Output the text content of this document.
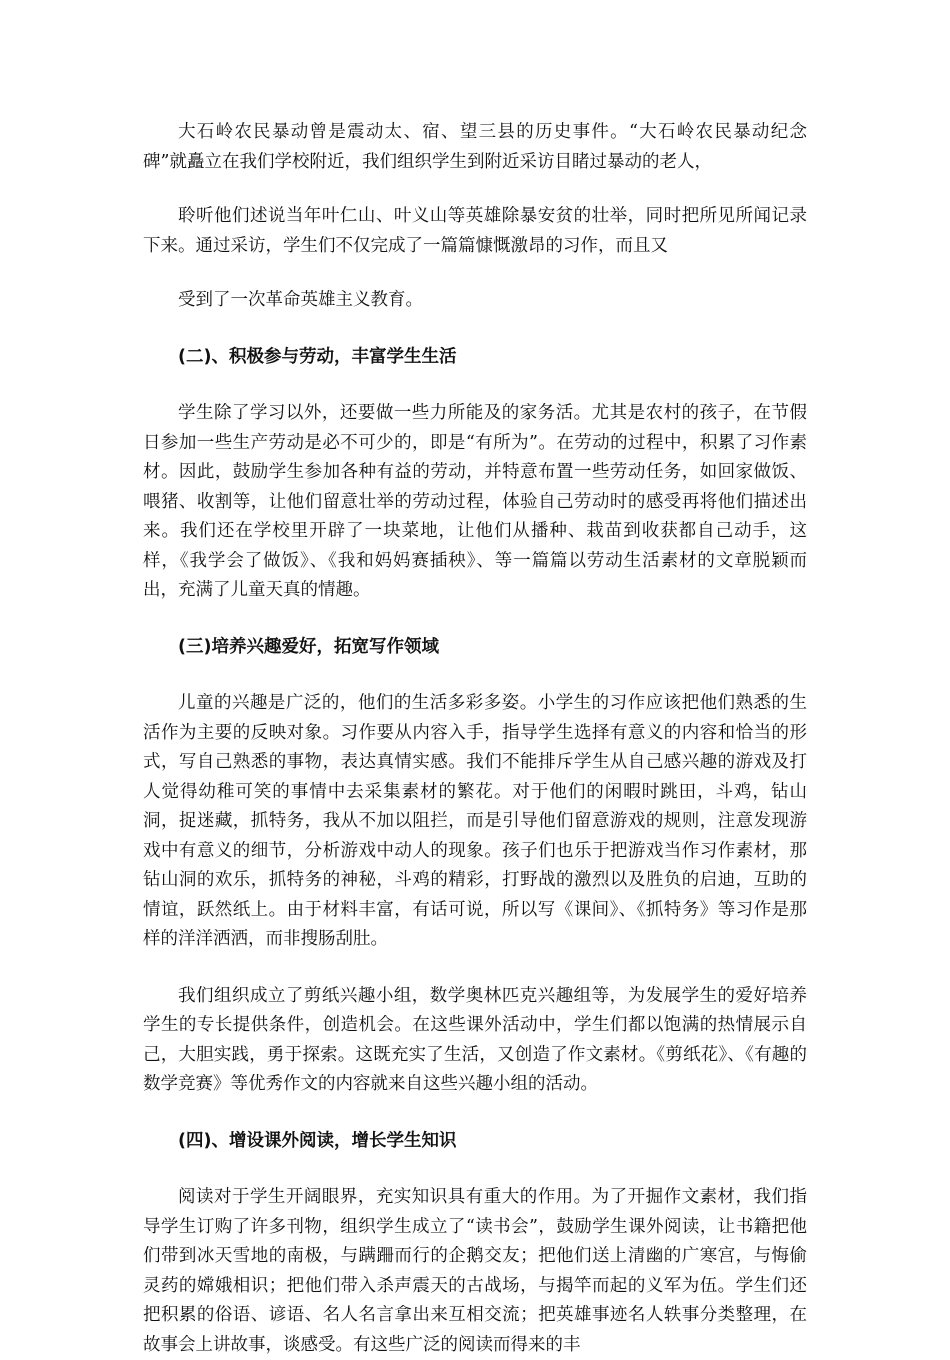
大石岭农民暴动曾是震动太、宿、望三县的历史事件。“大石岭农民暴动纪念碑”就矗立在我们学校附近，我们组织学生到附近采访目睹过暴动的老人，

聆听他们述说当年叶仁山、叶义山等英雄除暴安贫的壮举，同时把所见所闻记录下来。通过采访，学生们不仅完成了一篇篇慷慨激昂的习作，而且又

受到了一次革命英雄主义教育。

(二)、积极参与劳动，丰富学生生活

学生除了学习以外，还要做一些力所能及的家务活。尤其是农村的孩子，在节假日参加一些生产劳动是必不可少的，即是“有所为”。在劳动的过程中，积累了习作素材。因此，鼓励学生参加各种有益的劳动，并特意布置一些劳动任务，如回家做饭、喂猪、收割等，让他们留意壮举的劳动过程，体验自己劳动时的感受再将他们描述出来。我们还在学校里开辟了一块菜地，让他们从播种、栽苗到收获都自己动手，这样，《我学会了做饭》、《我和妈妈赛插秧》、等一篇篇以劳动生活素材的文章脱颖而出，充满了儿童天真的情趣。

(三)培养兴趣爱好，拓宽写作领域

儿童的兴趣是广泛的，他们的生活多彩多姿。小学生的习作应该把他们熟悉的生活作为主要的反映对象。习作要从内容入手，指导学生选择有意义的内容和恰当的形式，写自己熟悉的事物，表达真情实感。我们不能排斥学生从自己感兴趣的游戏及打人觉得幼稚可笑的事情中去采集素材的繁花。对于他们的闲暇时跳田，斗鸡，钻山洞，捉迷藏，抓特务，我从不加以阻拦，而是引导他们留意游戏的规则，注意发现游戏中有意义的细节，分析游戏中动人的现象。孩子们也乐于把游戏当作习作素材，那钻山洞的欢乐，抓特务的神秘，斗鸡的精彩，打野战的激烈以及胜负的启迪，互助的情谊，跃然纸上。由于材料丰富，有话可说，所以写《课间》、《抓特务》等习作是那样的洋洋洒洒，而非搜肠刮肚。

我们组织成立了剪纸兴趣小组，数学奥林匹克兴趣组等，为发展学生的爱好培养学生的专长提供条件，创造机会。在这些课外活动中，学生们都以饱满的热情展示自己，大胆实践，勇于探索。这既充实了生活，又创造了作文素材。《剪纸花》、《有趣的数学竞赛》等优秀作文的内容就来自这些兴趣小组的活动。

(四)、增设课外阅读，增长学生知识

阅读对于学生开阔眼界，充实知识具有重大的作用。为了开掘作文素材，我们指导学生订购了许多刊物，组织学生成立了“读书会”，鼓励学生课外阅读，让书籍把他们带到冰天雪地的南极，与蹒跚而行的企鹅交友；把他们送上清幽的广寒宫，与悔偷灵药的嫦娥相识；把他们带入杀声震天的古战场，与揭竿而起的义军为伍。学生们还把积累的俗语、谚语、名人名言拿出来互相交流；把英雄事迹名人轶事分类整理，在故事会上讲故事，谈感受。有这些广泛的阅读而得来的丰
